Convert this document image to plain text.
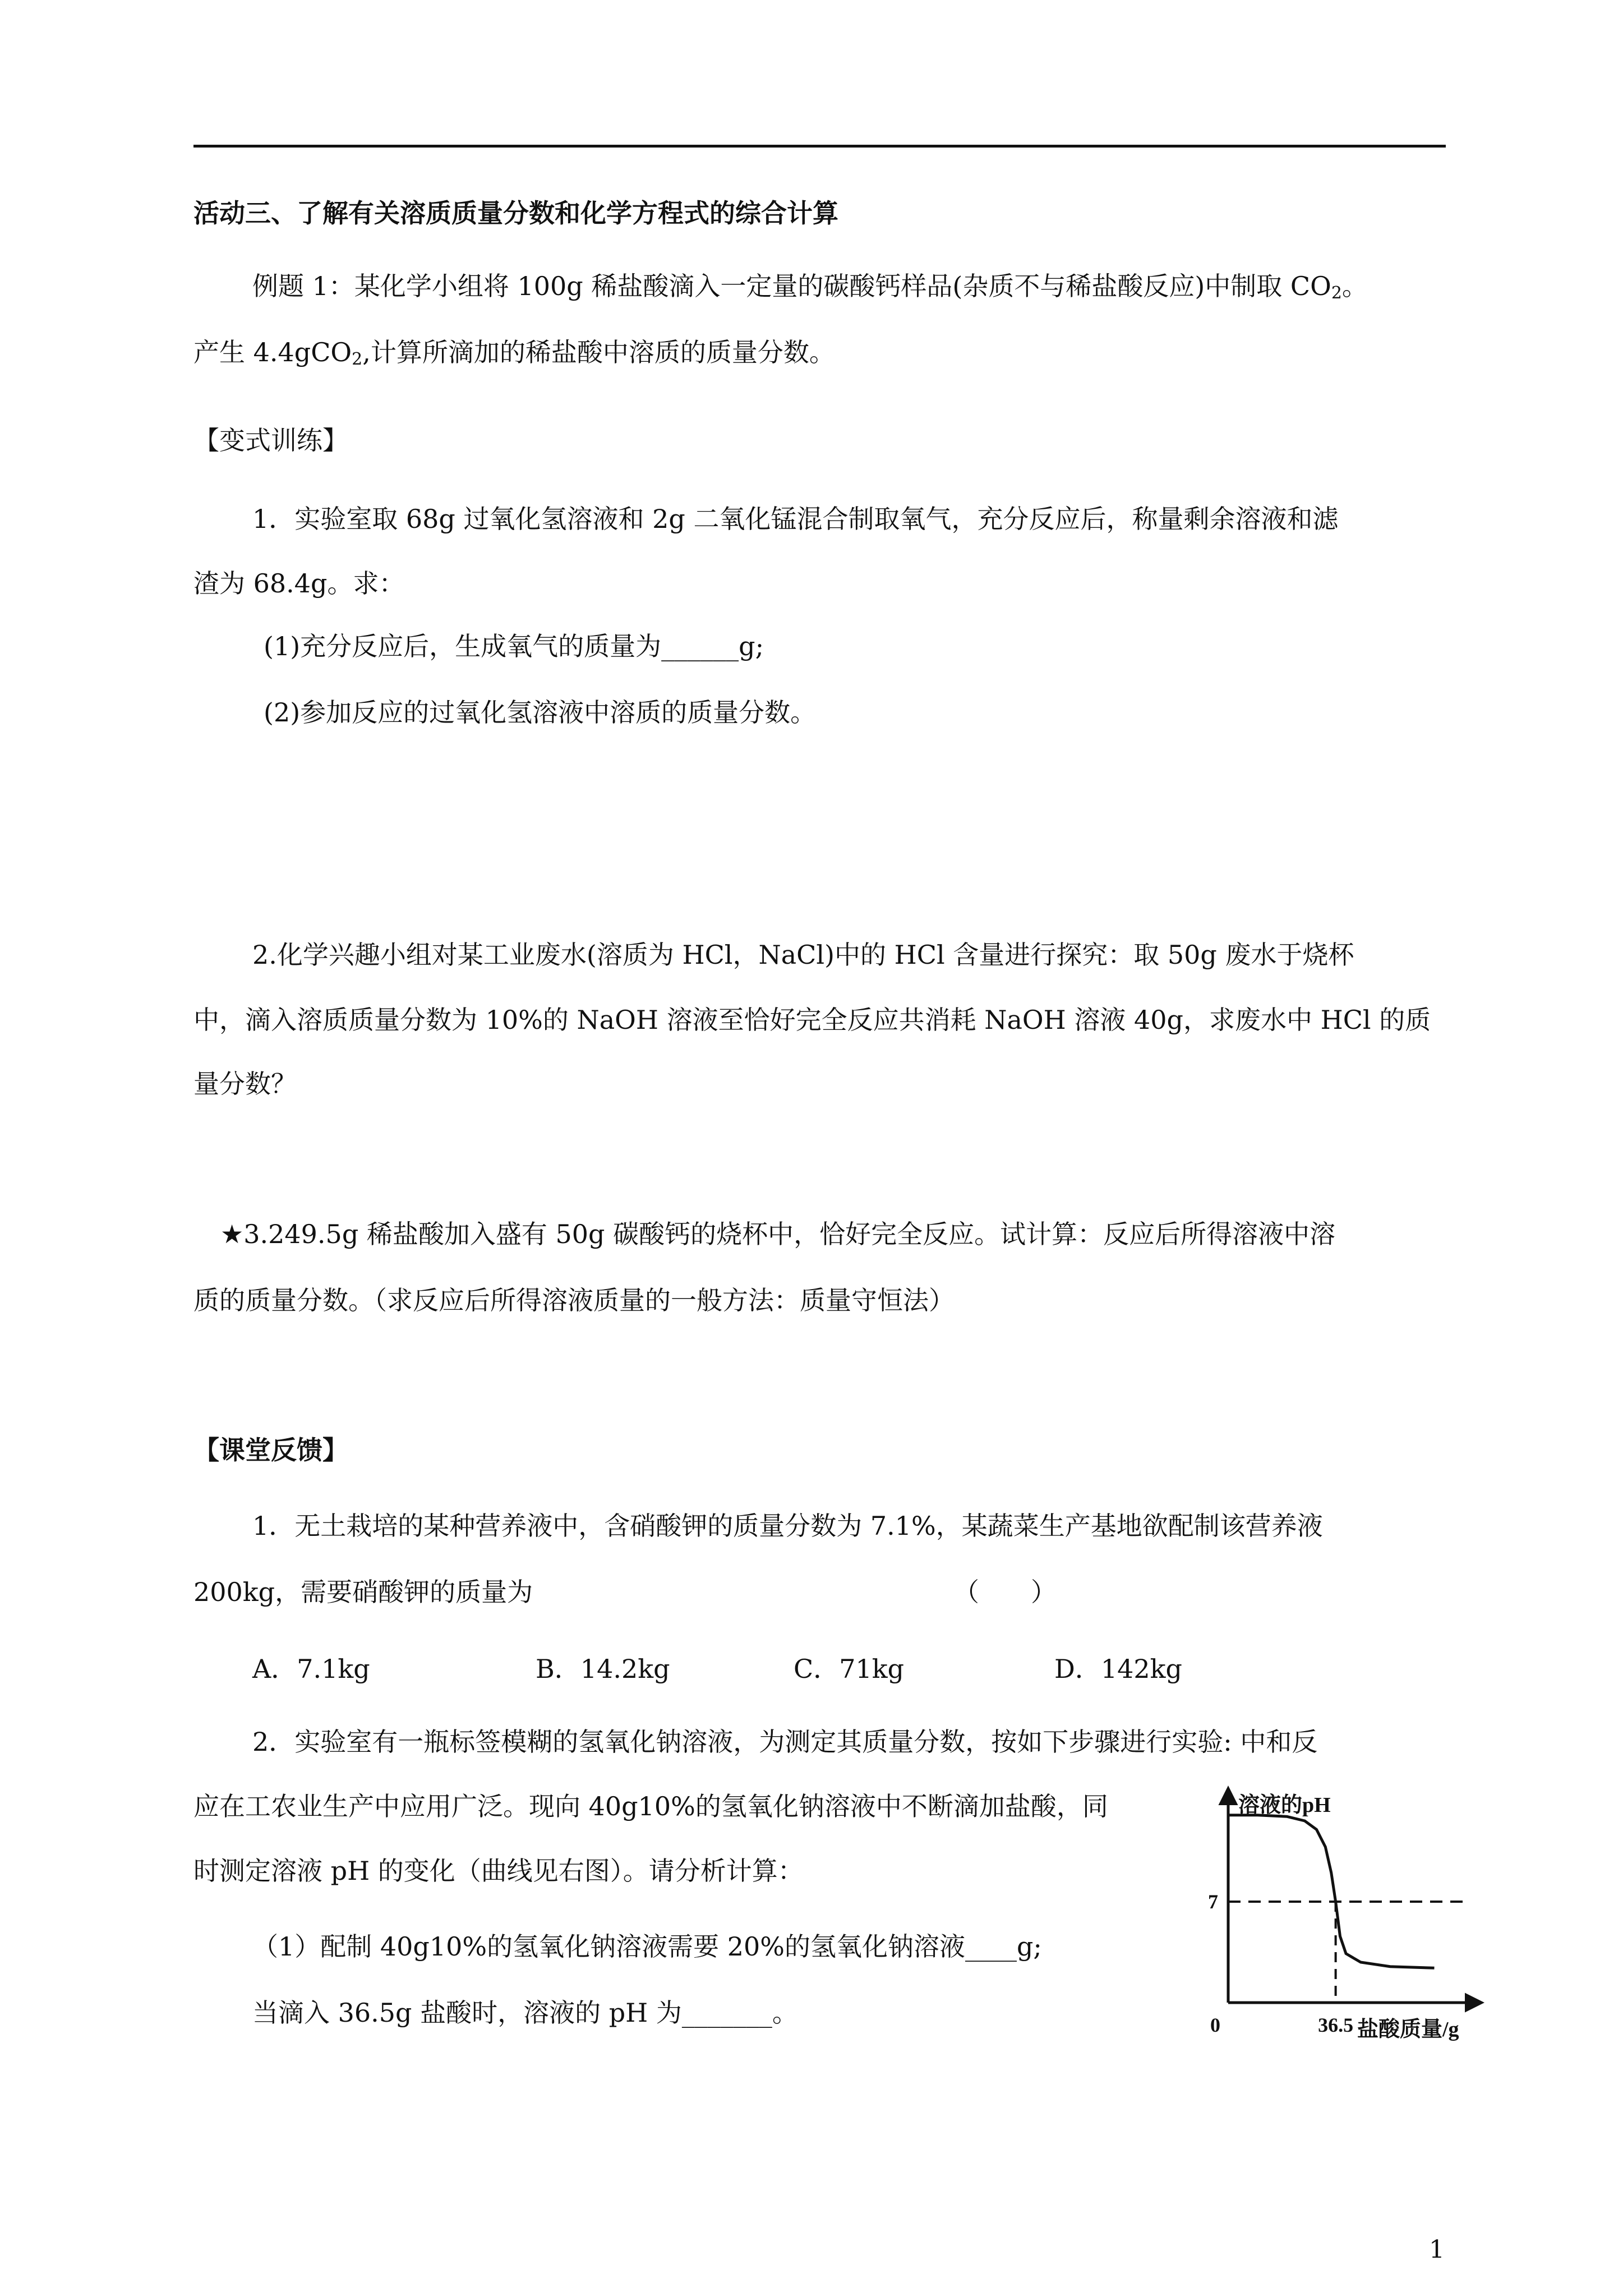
活动三、了解有关溶质质量分数和化学方程式的综合计算
例题 1：某化学小组将 100g 稀盐酸滴入一定量的碳酸钙样品(杂质不与稀盐酸反应)中制取 $CO_2$。
产生 4.4gCO$_2$,计算所滴加的稀盐酸中溶质的质量分数。
【变式训练】
1．实验室取 68g 过氧化氢溶液和 2g 二氧化锰混合制取氧气，充分反应后，称量剩余溶液和滤
渣为 68.4g。求：
(1)充分反应后，生成氧气的质量为______g;
(2)参加反应的过氧化氢溶液中溶质的质量分数。
2.化学兴趣小组对某工业废水(溶质为 HCl，NaCl)中的 HCl 含量进行探究：取 50g 废水于烧杯
中，滴入溶质质量分数为 10%的 NaOH 溶液至恰好完全反应共消耗 NaOH 溶液 40g，求废水中 HCl 的质
量分数？
★3.249.5g 稀盐酸加入盛有 50g 碳酸钙的烧杯中，恰好完全反应。试计算：反应后所得溶液中溶
质的质量分数。（求反应后所得溶液质量的一般方法：质量守恒法）
【课堂反馈】
1．无土栽培的某种营养液中，含硝酸钾的质量分数为 7.1%，某蔬菜生产基地欲配制该营养液
200kg，需要硝酸钾的质量为	（　　）
A．7.1kg	B．14.2kg	C．71kg	D．142kg
2．实验室有一瓶标签模糊的氢氧化钠溶液，为测定其质量分数，按如下步骤进行实验: 中和反
应在工农业生产中应用广泛。现向 40g10%的氢氧化钠溶液中不断滴加盐酸，同
时测定溶液 pH 的变化（曲线见右图）。请分析计算：
（1）配制 40g10%的氢氧化钠溶液需要 20%的氢氧化钠溶液____g;
当滴入 36.5g 盐酸时，溶液的 pH 为_______。
溶液的pH
0
7
36.5 盐酸质量/g
1
